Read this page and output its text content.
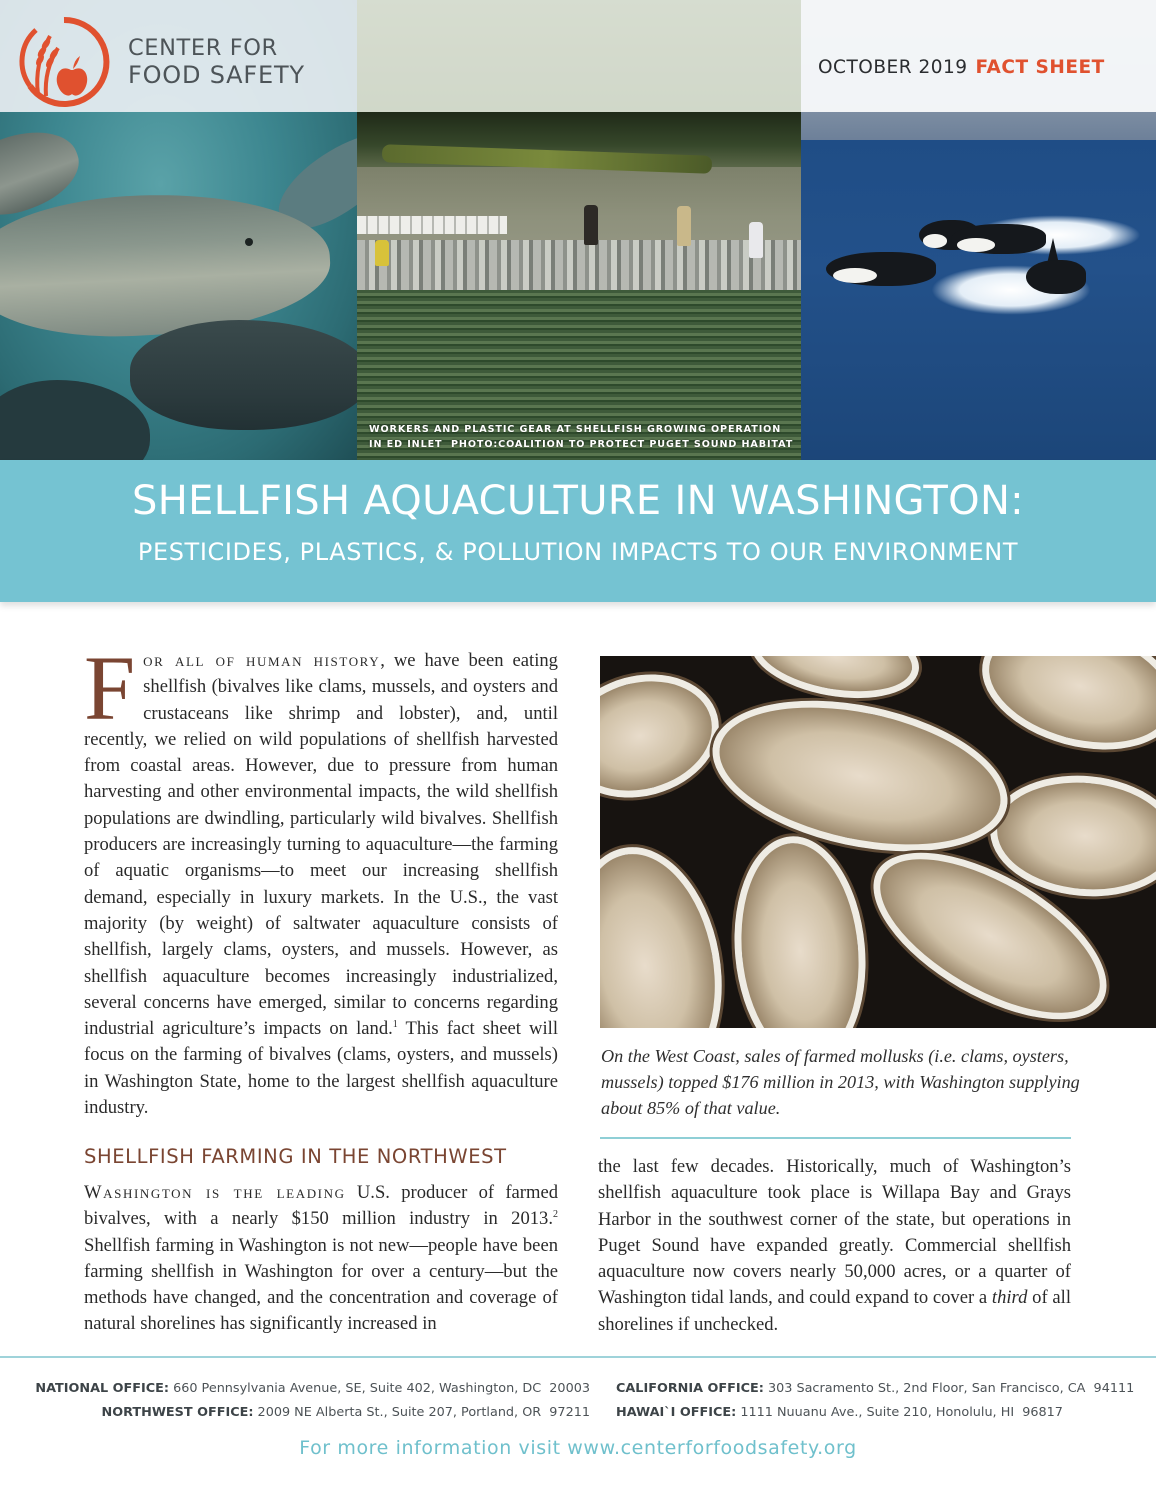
WORKERS AND PLASTIC GEAR AT SHELLFISH GROWING OPERATION
IN ED INLET  PHOTO:COALITION TO PROTECT PUGET SOUND HABITAT
CENTER FOR
FOOD SAFETY	OCTOBER 2019 FACT SHEET
SHELLFISH AQUACULTURE IN WASHINGTON:
PESTICIDES, PLASTICS, & POLLUTION IMPACTS TO OUR ENVIRONMENT
For all of human history, we have been eating shellfish (bivalves like clams, mussels, and oysters and crustaceans like shrimp and lobster), and, until recently, we relied on wild populations of shellfish harvested from coastal areas. However, due to pressure from human harvesting and other environmental impacts, the wild shellfish populations are dwindling, particularly wild bivalves. Shellfish producers are increasingly turning to aquaculture—the farming of aquatic organisms—to meet our increasing shellfish demand, especially in luxury markets. In the U.S., the vast majority (by weight) of saltwater aquaculture consists of shellfish, largely clams, oysters, and mussels. However, as shellfish aquaculture becomes increasingly industrialized, several concerns have emerged, similar to concerns regarding industrial agriculture’s impacts on land.$^1$ This fact sheet will focus on the farming of bivalves (clams, oysters, and mussels) in Washington State, home to the largest shellfish aquaculture industry.
SHELLFISH FARMING IN THE NORTHWEST
Washington is the leading U.S. producer of farmed bivalves, with a nearly $150 million industry in 2013.$^2$ Shellfish farming in Washington is not new—people have been farming shellfish in Washington for over a century—but the methods have changed, and the concentration and coverage of natural shorelines has significantly increased in
On the West Coast, sales of farmed mollusks (i.e. clams, oysters, mussels) topped $176 million in 2013, with Washington supplying about 85% of that value.
the last few decades. Historically, much of Washington’s shellfish aquaculture took place is Willapa Bay and Grays Harbor in the southwest corner of the state, but operations in Puget Sound have expanded greatly. Commercial shellfish aquaculture now covers nearly 50,000 acres, or a quarter of Washington tidal lands, and could expand to cover a third of all shorelines if unchecked.
NATIONAL OFFICE: 660 Pennsylvania Avenue, SE, Suite 402, Washington, DC  20003
NORTHWEST OFFICE: 2009 NE Alberta St., Suite 207, Portland, OR  97211
CALIFORNIA OFFICE: 303 Sacramento St., 2nd Floor, San Francisco, CA  94111
HAWAI`I OFFICE: 1111 Nuuanu Ave., Suite 210, Honolulu, HI  96817
For more information visit www.centerforfoodsafety.org
